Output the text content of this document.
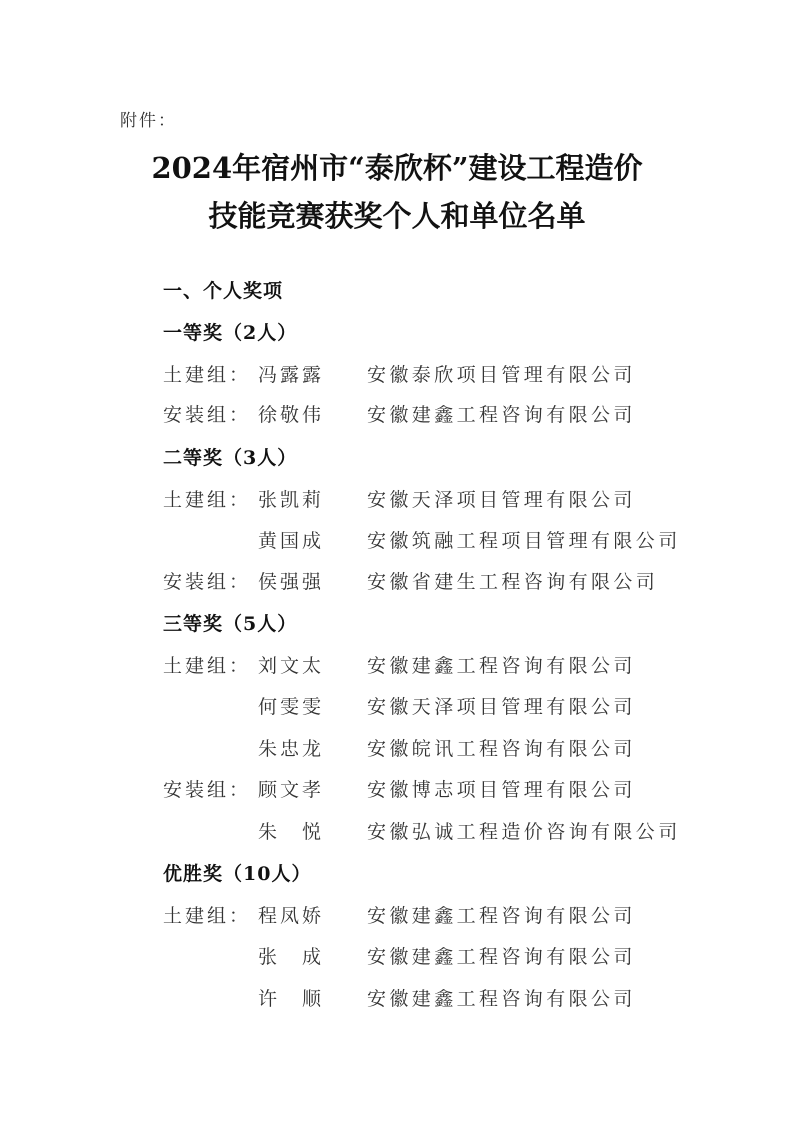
附件：
2024年宿州市“泰欣杯”建设工程造价
技能竞赛获奖个人和单位名单
一、个人奖项
一等奖（2人）
土建组： 冯露露 安徽泰欣项目管理有限公司
安装组： 徐敬伟 安徽建鑫工程咨询有限公司
二等奖（3人）
土建组： 张凯莉 安徽天泽项目管理有限公司
黄国成 安徽筑融工程项目管理有限公司
安装组： 侯强强 安徽省建生工程咨询有限公司
三等奖（5人）
土建组： 刘文太 安徽建鑫工程咨询有限公司
何雯雯 安徽天泽项目管理有限公司
朱忠龙 安徽皖讯工程咨询有限公司
安装组： 顾文孝 安徽博志项目管理有限公司
朱　悦 安徽弘诚工程造价咨询有限公司
优胜奖（10人）
土建组： 程凤娇 安徽建鑫工程咨询有限公司
张　成 安徽建鑫工程咨询有限公司
许　顺 安徽建鑫工程咨询有限公司
